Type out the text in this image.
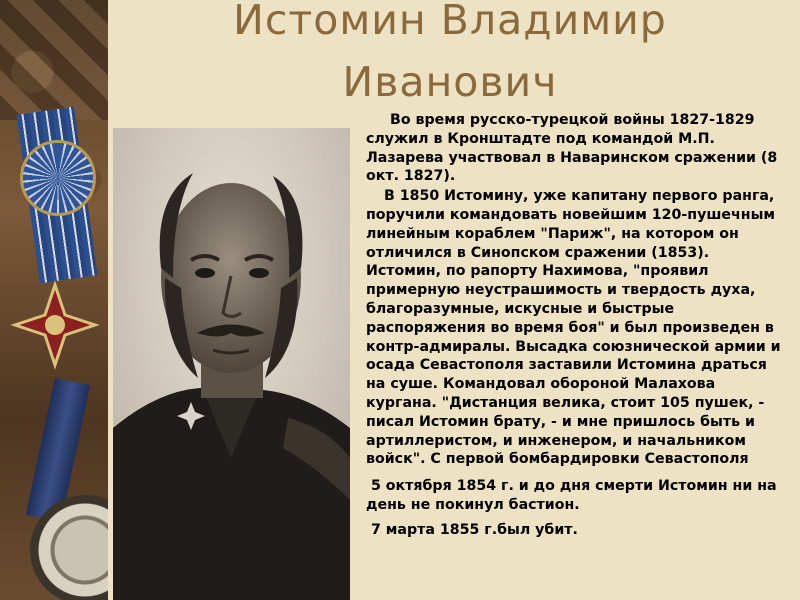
Истомин Владимир
Иванович

Во время русско-турецкой войны 1827-1829 служил в Кронштадте под командой М.П. Лазарева участвовал в Наваринском сражении (8 окт. 1827).

В 1850 Истомину, уже капитану первого ранга, поручили командовать новейшим 120-пушечным линейным кораблем "Париж", на котором он отличился в Синопском сражении (1853). Истомин, по рапорту Нахимова, "проявил примерную неустрашимость и твердость духа, благоразумные, искусные и быстрые распоряжения во время боя" и был произведен в контр-адмиралы. Высадка союзнической армии и осада Севастополя заставили Истомина драться на суше. Командовал обороной Малахова кургана. "Дистанция велика, стоит 105 пушек, - писал Истомин брату, - и мне пришлось быть и артиллеристом, и инженером, и начальником войск". С первой бомбардировки Севастополя

5 октября 1854 г. и до дня смерти Истомин ни на день не покинул бастион.

7 марта 1855 г.был убит.
